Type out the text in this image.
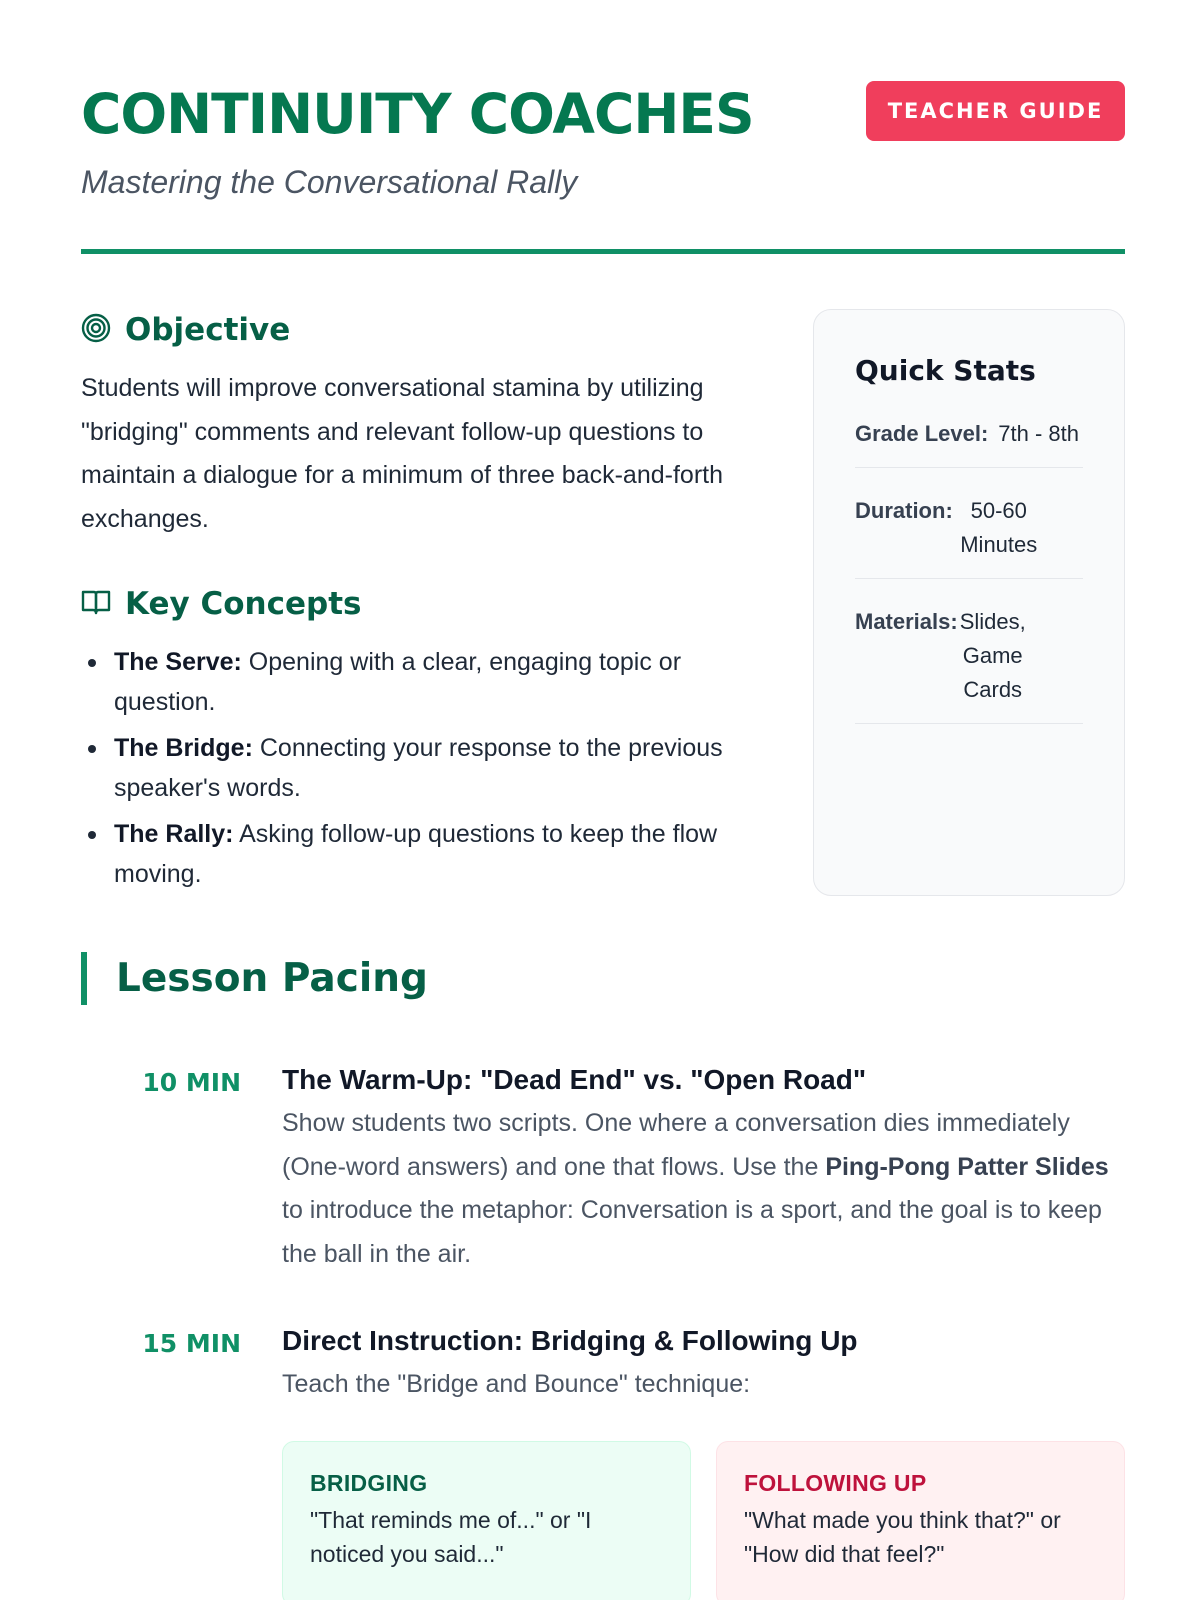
CONTINUITY COACHES
Mastering the Conversational Rally
TEACHER GUIDE
Objective

Students will improve conversational stamina by utilizing "bridging" comments and relevant follow-up questions to maintain a dialogue for a minimum of three back-and-forth exchanges.

Key Concepts
The Serve: Opening with a clear, engaging topic or question.
The Bridge: Connecting your response to the previous speaker's words.
The Rally: Asking follow-up questions to keep the flow moving.
Quick Stats
Grade Level: 7th - 8th
Duration: 50-60 Minutes
Materials: Slides, Game Cards
Lesson Pacing
10 MIN The Warm-Up: "Dead End" vs. "Open Road"

Show students two scripts. One where a conversation dies immediately (One-word answers) and one that flows. Use the Ping-Pong Patter Slides to introduce the metaphor: Conversation is a sport, and the goal is to keep the ball in the air.

15 MIN Direct Instruction: Bridging & Following Up

Teach the "Bridge and Bounce" technique:

BRIDGING
"That reminds me of..." or "I noticed you said..."
FOLLOWING UP
"What made you think that?" or "How did that feel?"
